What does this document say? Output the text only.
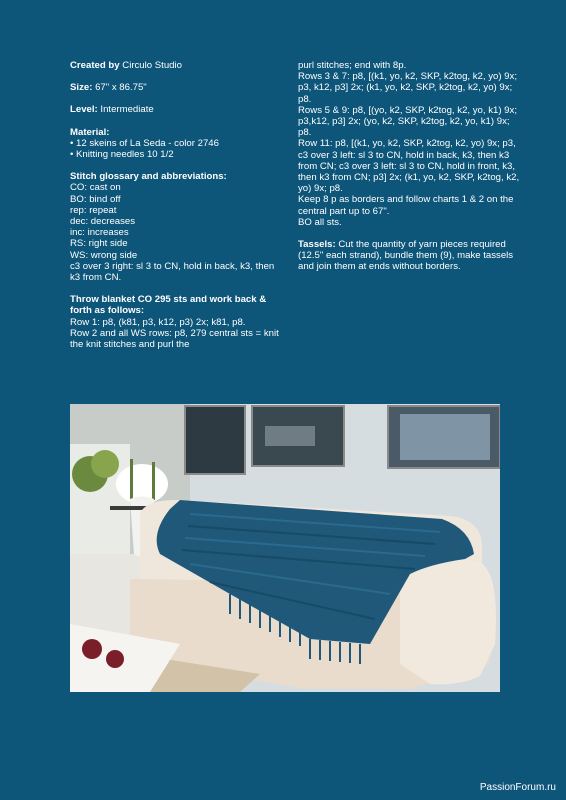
Created by Circulo Studio

Size: 67" x 86.75"

Level: Intermediate

Material:
• 12 skeins of La Seda - color 2746
• Knitting needles 10 1/2
Stitch glossary and abbreviations:
CO: cast on
BO: bind off
rep: repeat
dec: decreases
inc: increases
RS: right side
WS: wrong side
c3 over 3 right: sl 3 to CN, hold in back, k3, then k3 from CN.
Throw blanket CO 295 sts and work back & forth as follows:
Row 1: p8, (k81, p3, k12, p3) 2x; k81, p8.
Row 2 and all WS rows: p8, 279 central sts = knit the knit stitches and purl the
purl stitches; end with 8p.
Rows 3 & 7: p8, [(k1, yo, k2, SKP, k2tog, k2, yo) 9x; p3, k12, p3] 2x; (k1, yo, k2, SKP, k2tog, k2, yo) 9x; p8.
Rows 5 & 9: p8, [(yo, k2, SKP, k2tog, k2, yo, k1) 9x; p3,k12, p3] 2x; (yo, k2, SKP, k2tog, k2, yo, k1) 9x; p8.
Row 11: p8, [(k1, yo, k2, SKP, k2tog, k2, yo) 9x; p3, c3 over 3 left: sl 3 to CN, hold in back, k3, then k3 from CN; c3 over 3 left: sl 3 to CN, hold in front, k3, then k3 from CN; p3] 2x; (k1, yo, k2, SKP, k2tog, k2, yo) 9x; p8.
Keep 8 p as borders and follow charts 1 & 2 on the central part up to 67".
BO all sts.

Tassels: Cut the quantity of yarn pieces required (12.5" each strand), bundle them (9), make tassels and join them at ends without borders.

PassionForum.ru
